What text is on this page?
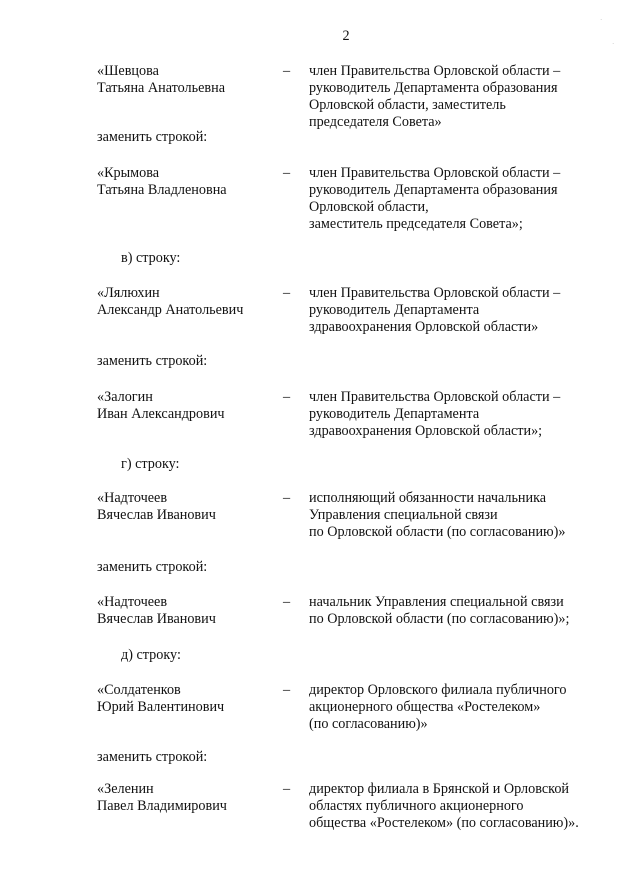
2
·
·
«Шевцова
Татьяна Анатольевна
– член Правительства Орловской области –
руководитель Департамента образования
Орловской области, заместитель
председателя Совета»
заменить строкой:
«Крымова
Татьяна Владленовна
– член Правительства Орловской области –
руководитель Департамента образования
Орловской области,
заместитель председателя Совета»;
в) строку:
«Лялюхин
Александр Анатольевич
– член Правительства Орловской области –
руководитель Департамента
здравоохранения Орловской области»
заменить строкой:
«Залогин
Иван Александрович
– член Правительства Орловской области –
руководитель Департамента
здравоохранения Орловской области»;
г) строку:
«Надточеев
Вячеслав Иванович
– исполняющий обязанности начальника
Управления специальной связи
по Орловской области (по согласованию)»
заменить строкой:
«Надточеев
Вячеслав Иванович
– начальник Управления специальной связи
по Орловской области (по согласованию)»;
д) строку:
«Солдатенков
Юрий Валентинович
– директор Орловского филиала публичного
акционерного общества «Ростелеком»
(по согласованию)»
заменить строкой:
«Зеленин
Павел Владимирович
– директор филиала в Брянской и Орловской
областях публичного акционерного
общества «Ростелеком» (по согласованию)».
